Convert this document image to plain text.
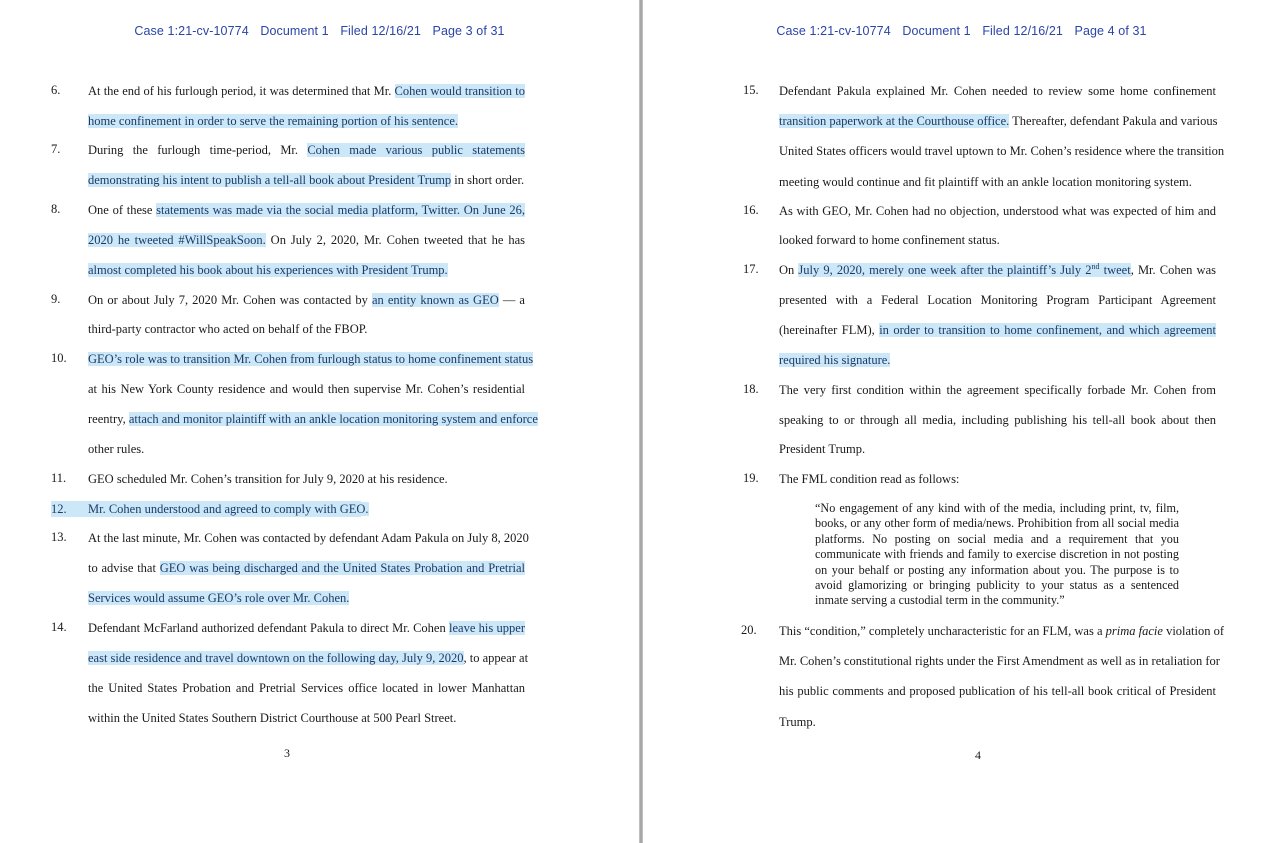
Case 1:21-cv-10774 Document 1 Filed 12/16/21 Page 3 of 31
6. At the end of his furlough period, it was determined that Mr. Cohen would transition to
home confinement in order to serve the remaining portion of his sentence.
7. During the furlough time-period, Mr. Cohen made various public statements
demonstrating his intent to publish a tell-all book about President Trump in short order.
8. One of these statements was made via the social media platform, Twitter. On June 26,
2020 he tweeted #WillSpeakSoon. On July 2, 2020, Mr. Cohen tweeted that he has
almost completed his book about his experiences with President Trump.
9. On or about July 7, 2020 Mr. Cohen was contacted by an entity known as GEO — a
third-party contractor who acted on behalf of the FBOP.
10. GEO’s role was to transition Mr. Cohen from furlough status to home confinement status
at his New York County residence and would then supervise Mr. Cohen’s residential
reentry, attach and monitor plaintiff with an ankle location monitoring system and enforce
other rules.
11. GEO scheduled Mr. Cohen’s transition for July 9, 2020 at his residence.
12.	Mr. Cohen understood and agreed to comply with GEO.
13. At the last minute, Mr. Cohen was contacted by defendant Adam Pakula on July 8, 2020
to advise that GEO was being discharged and the United States Probation and Pretrial
Services would assume GEO’s role over Mr. Cohen.
14. Defendant McFarland authorized defendant Pakula to direct Mr. Cohen leave his upper
east side residence and travel downtown on the following day, July 9, 2020, to appear at
the United States Probation and Pretrial Services office located in lower Manhattan
within the United States Southern District Courthouse at 500 Pearl Street.
3
Case 1:21-cv-10774 Document 1 Filed 12/16/21 Page 4 of 31
15. Defendant Pakula explained Mr. Cohen needed to review some home confinement
transition paperwork at the Courthouse office. Thereafter, defendant Pakula and various
United States officers would travel uptown to Mr. Cohen’s residence where the transition
meeting would continue and fit plaintiff with an ankle location monitoring system.
16. As with GEO, Mr. Cohen had no objection, understood what was expected of him and
looked forward to home confinement status.
17. On July 9, 2020, merely one week after the plaintiff’s July 2nd tweet, Mr. Cohen was
presented with a Federal Location Monitoring Program Participant Agreement
(hereinafter FLM), in order to transition to home confinement, and which agreement
required his signature.
18. The very first condition within the agreement specifically forbade Mr. Cohen from
speaking to or through all media, including publishing his tell-all book about then
President Trump.
19. The FML condition read as follows:
“No engagement of any kind with of the media, including print, tv, film,
books, or any other form of media/news. Prohibition from all social media
platforms. No posting on social media and a requirement that you
communicate with friends and family to exercise discretion in not posting
on your behalf or posting any information about you. The purpose is to
avoid glamorizing or bringing publicity to your status as a sentenced
inmate serving a custodial term in the community.”
20. This “condition,” completely uncharacteristic for an FLM, was a prima facie violation of
Mr. Cohen’s constitutional rights under the First Amendment as well as in retaliation for
his public comments and proposed publication of his tell-all book critical of President
Trump.
4
